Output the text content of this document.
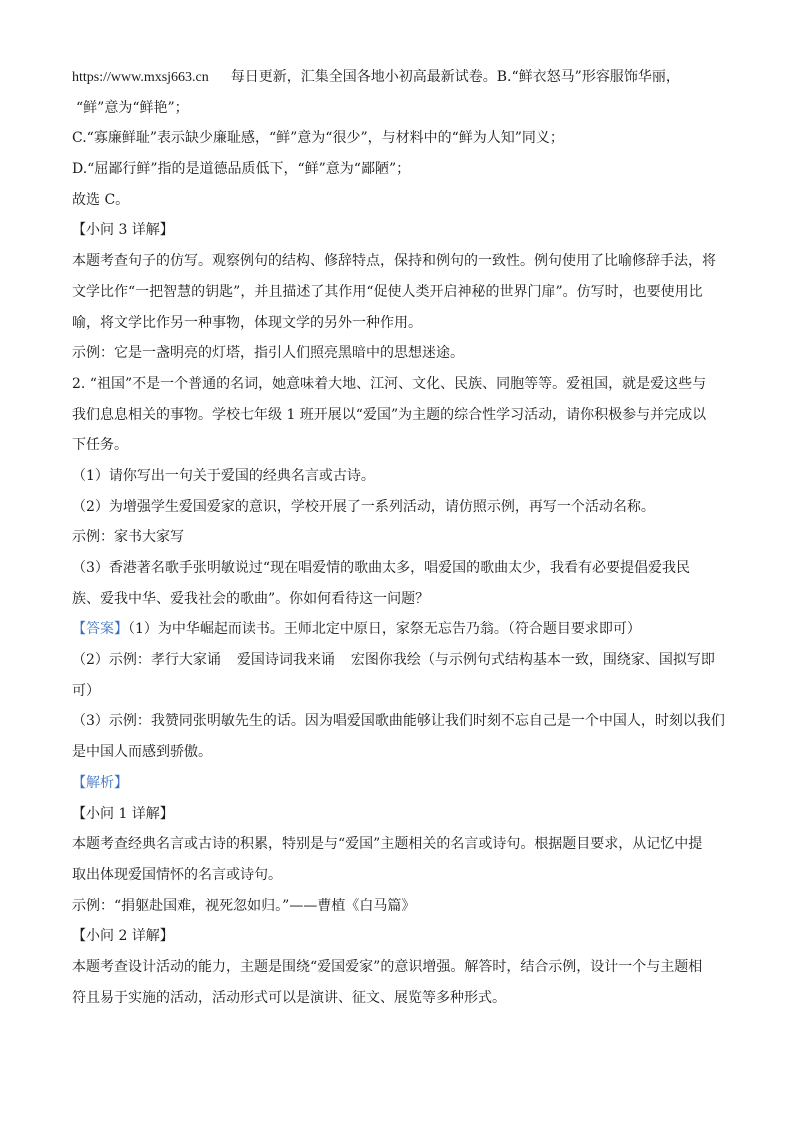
https://www.mxsj663.cn 每日更新，汇集全国各地小初高最新试卷。B.“鲜衣怒马”形容服饰华丽，
“鲜”意为“鲜艳”；
C.“寡廉鲜耻”表示缺少廉耻感，“鲜”意为“很少”，与材料中的“鲜为人知”同义；
D.“屈鄙行鲜”指的是道德品质低下，“鲜”意为“鄙陋”；
故选 C。
【小问 3 详解】
本题考查句子的仿写。观察例句的结构、修辞特点，保持和例句的一致性。例句使用了比喻修辞手法，将
文学比作“一把智慧的钥匙”，并且描述了其作用“促使人类开启神秘的世界门扉”。仿写时，也要使用比
喻，将文学比作另一种事物，体现文学的另外一种作用。
示例：它是一盏明亮的灯塔，指引人们照亮黑暗中的思想迷途。
2. “祖国”不是一个普通的名词，她意味着大地、江河、文化、民族、同胞等等。爱祖国，就是爱这些与
我们息息相关的事物。学校七年级 1 班开展以“爱国”为主题的综合性学习活动，请你积极参与并完成以
下任务。
（1）请你写出一句关于爱国的经典名言或古诗。
（2）为增强学生爱国爱家的意识，学校开展了一系列活动，请仿照示例，再写一个活动名称。
示例：家书大家写
（3）香港著名歌手张明敏说过“现在唱爱情的歌曲太多，唱爱国的歌曲太少，我看有必要提倡爱我民
族、爱我中华、爱我社会的歌曲”。你如何看待这一问题？
【答案】（1）为中华崛起而读书。王师北定中原日，家祭无忘告乃翁。（符合题目要求即可）
（2）示例：孝行大家诵 爱国诗词我来诵 宏图你我绘（与示例句式结构基本一致，围绕家、国拟写即
可）
（3）示例：我赞同张明敏先生的话。因为唱爱国歌曲能够让我们时刻不忘自己是一个中国人，时刻以我们
是中国人而感到骄傲。
【解析】
【小问 1 详解】
本题考查经典名言或古诗的积累，特别是与“爱国”主题相关的名言或诗句。根据题目要求，从记忆中提
取出体现爱国情怀的名言或诗句。
示例：“捐躯赴国难，视死忽如归。”——曹植《白马篇》
【小问 2 详解】
本题考查设计活动的能力，主题是围绕“爱国爱家”的意识增强。解答时，结合示例，设计一个与主题相
符且易于实施的活动，活动形式可以是演讲、征文、展览等多种形式。
